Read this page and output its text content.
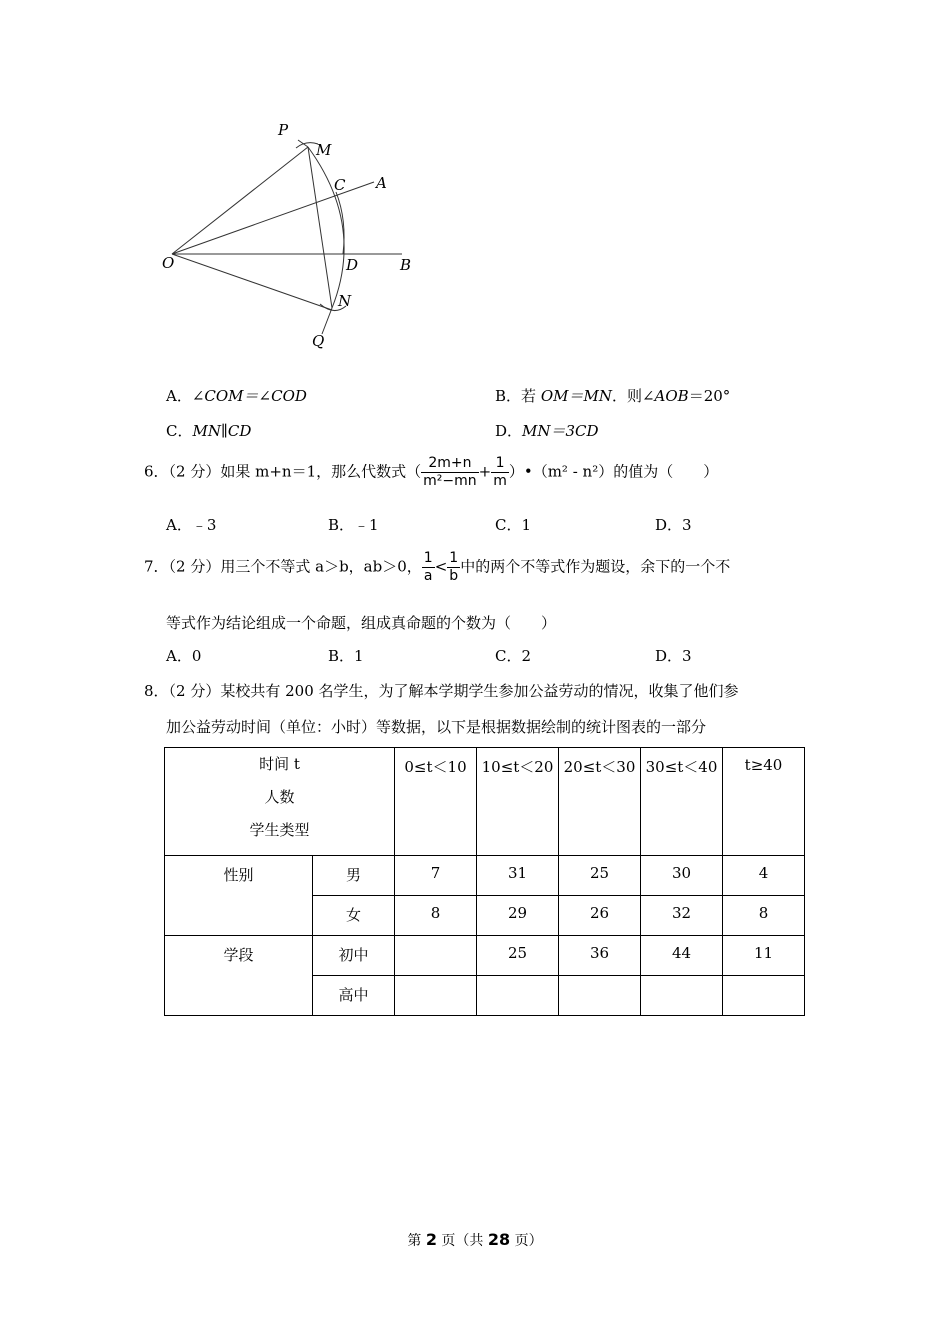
P
M
C A
O	D	B
N
Q
A．∠COM＝∠COD	B．若 OM＝MN．则∠AOB＝20°
C．MN∥CD	D．MN＝3CD
6．（2 分）如果 m+n＝1，那么代数式（ $\frac{2m+n}{\text{m²−mn}} + \frac{1}{m}$ ）•（m² - n²）的值为（　　）
A．﹣3	B．﹣1	C．1	D．3
7．（2 分）用三个不等式 a＞b，ab＞0， $\frac{1}{a} < \frac{1}{b}$ 中的两个不等式作为题设，余下的一个不
等式作为结论组成一个命题，组成真命题的个数为（　　）
A．0	B．1	C．2	D．3
8．（2 分）某校共有 200 名学生，为了解本学期学生参加公益劳动的情况，收集了他们参
加公益劳动时间（单位：小时）等数据，以下是根据数据绘制的统计图表的一部分
时间 t
人数
学生类型		0≤t＜10	10≤t＜20	20≤t＜30	30≤t＜40	t≥40
性别	男	7	31	25	30	4
	女	8	29	26	32	8
学段	初中		25	36	44	11
	高中					
第 2 页（共 28 页）
